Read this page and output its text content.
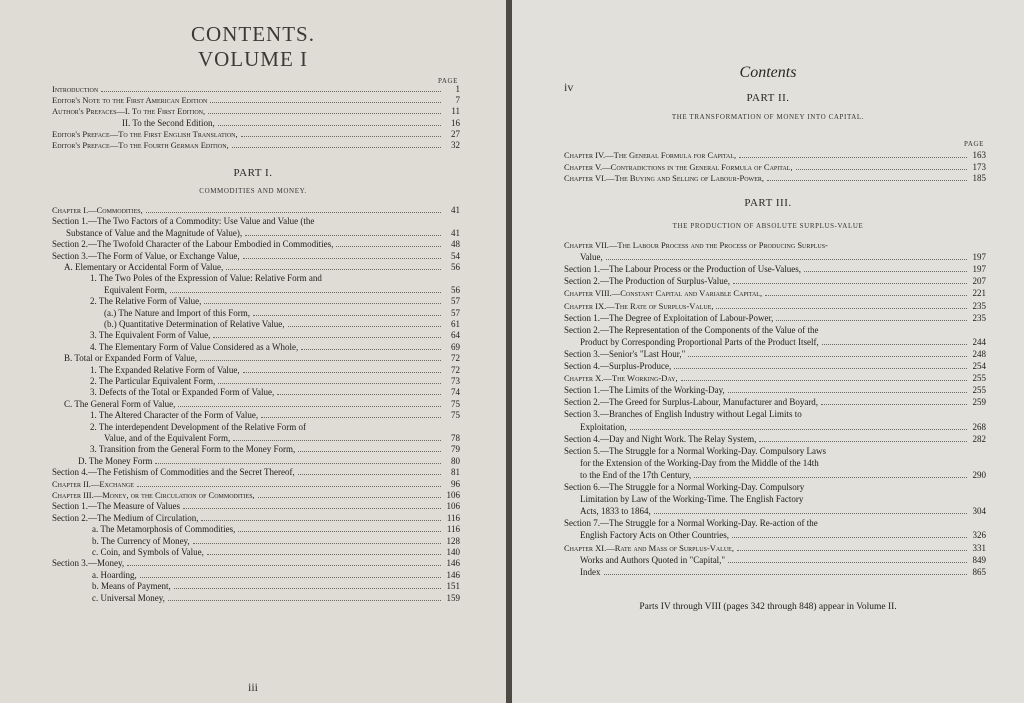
CONTENTS.
VOLUME I
PAGE
Introduction	1
Editor's Note to the First American Edition	7
Author's Prefaces—I. To the First Edition,	11
II. To the Second Edition,	16
Editor's Preface—To the First English Translation,	27
Editor's Preface—To the Fourth German Edition,	32
PART I.
COMMODITIES AND MONEY.
Chapter I.—Commodities,	41
Section 1.—The Two Factors of a Commodity: Use Value and Value (the
Substance of Value and the Magnitude of Value),	41
Section 2.—The Twofold Character of the Labour Embodied in Commodities,	48
Section 3.—The Form of Value, or Exchange Value,	54
A. Elementary or Accidental Form of Value,	56
1. The Two Poles of the Expression of Value: Relative Form and
Equivalent Form,	56
2. The Relative Form of Value,	57
(a.) The Nature and Import of this Form,	57
(b.) Quantitative Determination of Relative Value,	61
3. The Equivalent Form of Value,	64
4. The Elementary Form of Value Considered as a Whole,	69
B. Total or Expanded Form of Value,	72
1. The Expanded Relative Form of Value,	72
2. The Particular Equivalent Form,	73
3. Defects of the Total or Expanded Form of Value,	74
C. The General Form of Value,	75
1. The Altered Character of the Form of Value,	75
2. The interdependent Development of the Relative Form of
Value, and of the Equivalent Form,	78
3. Transition from the General Form to the Money Form,	79
D. The Money Form	80
Section 4.—The Fetishism of Commodities and the Secret Thereof,	81
Chapter II.—Exchange	96
Chapter III.—Money, or the Circulation of Commodities,	106
Section 1.—The Measure of Values	106
Section 2.—The Medium of Circulation,	116
a. The Metamorphosis of Commodities,	116
b. The Currency of Money,	128
c. Coin, and Symbols of Value,	140
Section 3.—Money,	146
a. Hoarding,	146
b. Means of Payment,	151
c. Universal Money,	159
iii
iv
Contents
PART II.
THE TRANSFORMATION OF MONEY INTO CAPITAL.
PAGE
Chapter IV.—The General Formula for Capital,	163
Chapter V.—Contradictions in the General Formula of Capital,	173
Chapter VI.—The Buying and Selling of Labour-Power,	185
PART III.
THE PRODUCTION OF ABSOLUTE SURPLUS-VALUE
Chapter VII.—The Labour Process and the Process of Producing Surplus-
Value,	197
Section 1.—The Labour Process or the Production of Use-Values,	197
Section 2.—The Production of Surplus-Value,	207
Chapter VIII.—Constant Capital and Variable Capital,	221
Chapter IX.—The Rate of Surplus-Value,	235
Section 1.—The Degree of Exploitation of Labour-Power,	235
Section 2.—The Representation of the Components of the Value of the
Product by Corresponding Proportional Parts of the Product Itself,	244
Section 3.—Senior's "Last Hour,"	248
Section 4.—Surplus-Produce,	254
Chapter X.—The Working-Day,	255
Section 1.—The Limits of the Working-Day,	255
Section 2.—The Greed for Surplus-Labour, Manufacturer and Boyard,	259
Section 3.—Branches of English Industry without Legal Limits to
Exploitation,	268
Section 4.—Day and Night Work. The Relay System,	282
Section 5.—The Struggle for a Normal Working-Day. Compulsory Laws
for the Extension of the Working-Day from the Middle of the 14th
to the End of the 17th Century,	290
Section 6.—The Struggle for a Normal Working-Day. Compulsory
Limitation by Law of the Working-Time. The English Factory
Acts, 1833 to 1864,	304
Section 7.—The Struggle for a Normal Working-Day. Re-action of the
English Factory Acts on Other Countries,	326
Chapter XI.—Rate and Mass of Surplus-Value,	331
Works and Authors Quoted in "Capital,"	849
Index	865
Parts IV through VIII (pages 342 through 848) appear in Volume II.
